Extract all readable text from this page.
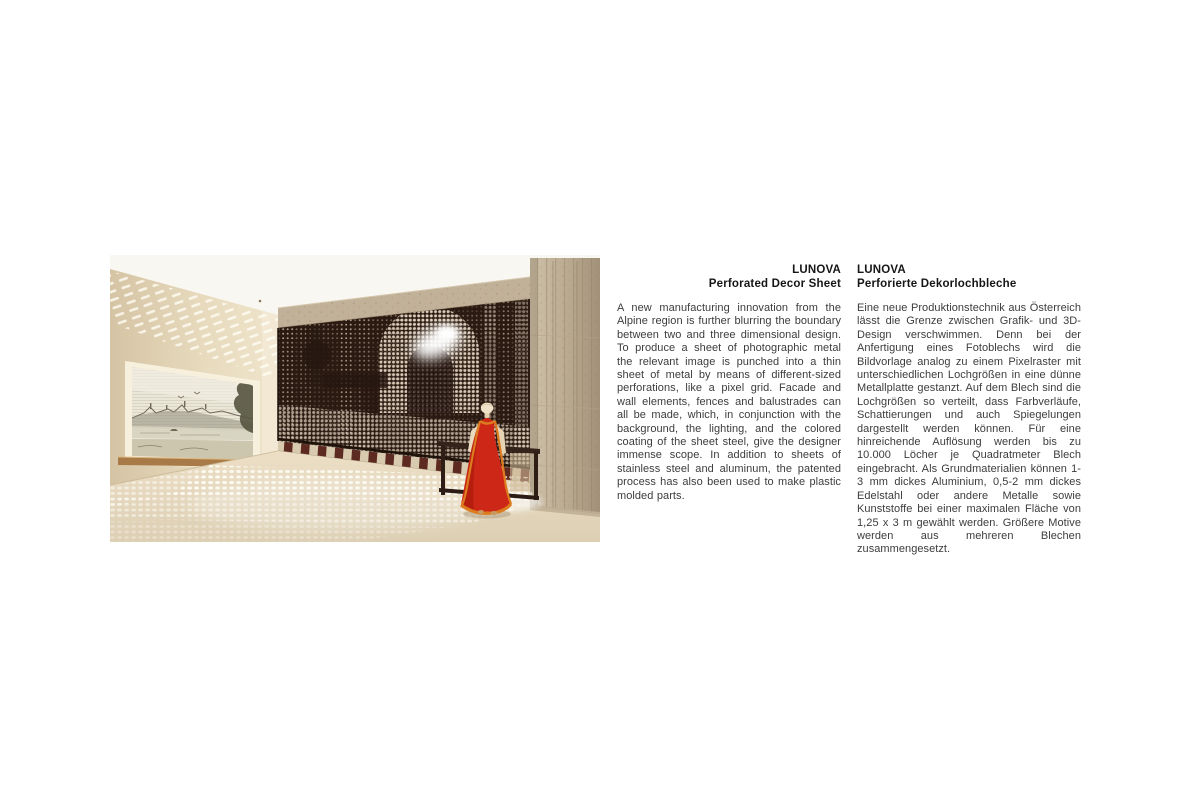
LUNOVA
Perforated Decor Sheet

A new manufacturing innovation from the Alpine region is further blurring the boundary between two and three dimensional design. To produce a sheet of photographic metal the relevant image is punched into a thin sheet of metal by means of different-sized perforations, like a pixel grid. Facade and wall elements, fences and balustrades can all be made, which, in conjunction with the background, the lighting, and the colored coating of the sheet steel, give the designer immense scope. In addition to sheets of stainless steel and aluminum, the patented process has also been used to make plastic molded parts.

LUNOVA
Perforierte Dekorlochbleche

Eine neue Produktionstechnik aus Österreich lässt die Grenze zwischen Grafik- und 3D-Design verschwimmen. Denn bei der Anfertigung eines Fotoblechs wird die Bildvorlage analog zu einem Pixelraster mit unterschiedlichen Lochgrößen in eine dünne Metallplatte gestanzt. Auf dem Blech sind die Lochgrößen so verteilt, dass Farbverläufe, Schattierungen und auch Spiegelungen dargestellt werden können. Für eine hinreichende Auflösung werden bis zu 10.000 Löcher je Quadratmeter Blech eingebracht. Als Grundmaterialien können 1-3 mm dickes Aluminium, 0,5-2 mm dickes Edelstahl oder andere Metalle sowie Kunststoffe bei einer maximalen Fläche von 1,25 x 3 m gewählt werden. Größere Motive werden aus mehreren Blechen zusammengesetzt.
